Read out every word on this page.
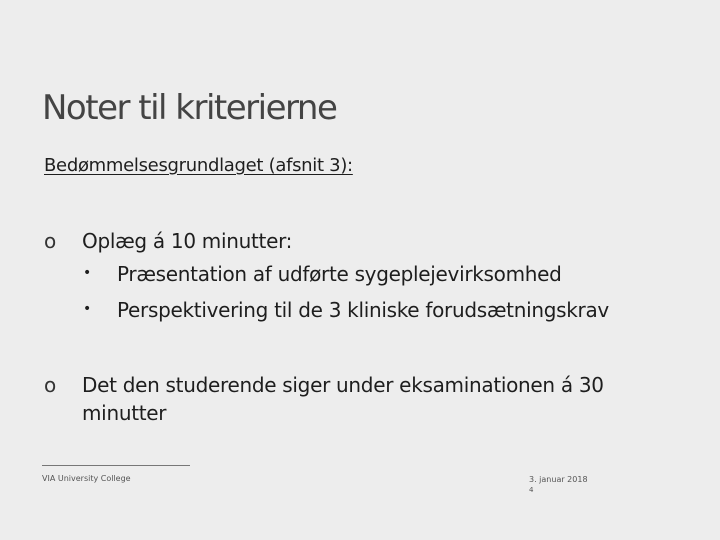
Noter til kriterierne
Bedømmelsesgrundlaget (afsnit 3):
o Oplæg á 10 minutter:
• Præsentation af udførte sygeplejevirksomhed
• Perspektivering til de 3 kliniske forudsætningskrav
o Det den studerende siger under eksaminationen á 30 minutter
VIA University College	3. januar 2018
4
